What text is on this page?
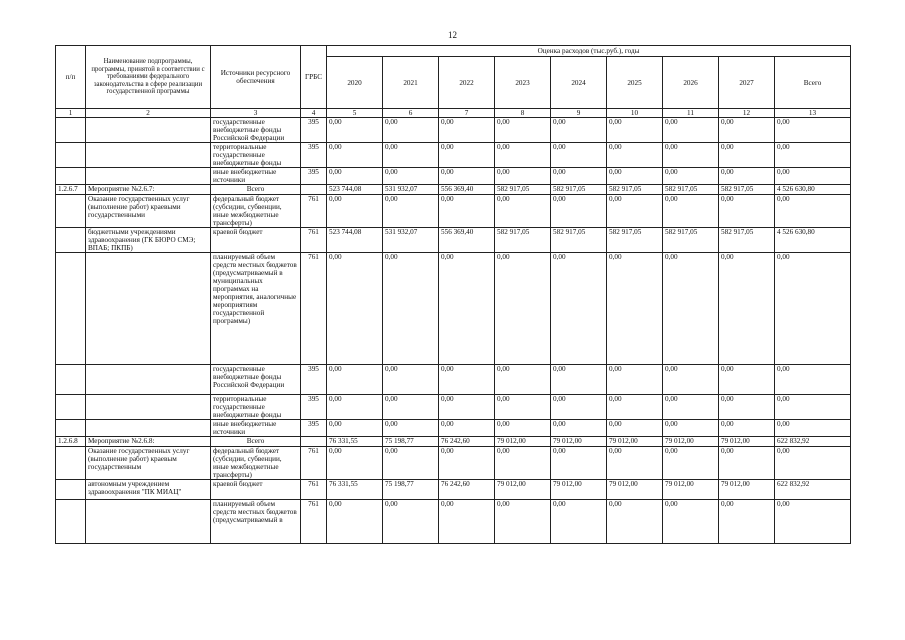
12
п/п	Наименование подпрограммы, программы, принятой в соответствии с требованиями федерального законодательства в сфере реализации государственной программы	Источники ресурсного обеспечения	ГРБС	Оценка расходов (тыс.руб.), годы								
				2020	2021	2022	2023	2024	2025	2026	2027	Всего
1	2	3	4	5	6	7	8	9	10	11	12	13
		государственные внебюджетные фонды Российской Федерации	395	0,00	0,00	0,00	0,00	0,00	0,00	0,00	0,00	0,00
		территориальные государственные внебюджетные фонды	395	0,00	0,00	0,00	0,00	0,00	0,00	0,00	0,00	0,00
		иные внебюджетные источники	395	0,00	0,00	0,00	0,00	0,00	0,00	0,00	0,00	0,00
1.2.6.7	Мероприятие №2.6.7:	Всего		523 744,08	531 932,07	556 369,40	582 917,05	582 917,05	582 917,05	582 917,05	582 917,05	4 526 630,80
	Оказание государственных услуг (выполнение работ) краевыми государственными	федеральный бюджет (субсидии, субвенции, иные межбюджетные трансферты)	761	0,00	0,00	0,00	0,00	0,00	0,00	0,00	0,00	0,00
	бюджетными учреждениями здравоохранения (ГК БЮРО СМЭ; ВПАБ; ПКПБ)	краевой бюджет	761	523 744,08	531 932,07	556 369,40	582 917,05	582 917,05	582 917,05	582 917,05	582 917,05	4 526 630,80
		планируемый объем средств местных бюджетов (предусматриваемый в муниципальных программах на мероприятия, аналогичные мероприятиям государственной программы)	761	0,00	0,00	0,00	0,00	0,00	0,00	0,00	0,00	0,00
		государственные внебюджетные фонды Российской Федерации	395	0,00	0,00	0,00	0,00	0,00	0,00	0,00	0,00	0,00
		территориальные государственные внебюджетные фонды	395	0,00	0,00	0,00	0,00	0,00	0,00	0,00	0,00	0,00
		иные внебюджетные источники	395	0,00	0,00	0,00	0,00	0,00	0,00	0,00	0,00	0,00
1.2.6.8	Мероприятие №2.6.8:	Всего		76 331,55	75 198,77	76 242,60	79 012,00	79 012,00	79 012,00	79 012,00	79 012,00	622 832,92
	Оказание государственных услуг (выполнение работ) краевым государственным	федеральный бюджет (субсидии, субвенции, иные межбюджетные трансферты)	761	0,00	0,00	0,00	0,00	0,00	0,00	0,00	0,00	0,00
	автономным учреждением здравоохранения "ПК МИАЦ"	краевой бюджет	761	76 331,55	75 198,77	76 242,60	79 012,00	79 012,00	79 012,00	79 012,00	79 012,00	622 832,92
		планируемый объем средств местных бюджетов (предусматриваемый в	761	0,00	0,00	0,00	0,00	0,00	0,00	0,00	0,00	0,00
